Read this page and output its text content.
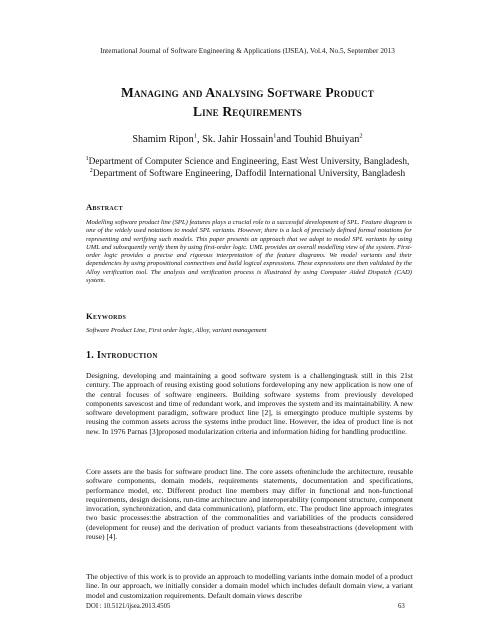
International Journal of Software Engineering & Applications (IJSEA), Vol.4, No.5, September 2013
Managing and Analysing Software Product
Line Requirements
Shamim Ripon$^1$, Sk. Jahir Hossain$^1$and Touhid Bhuiyan$^2$
$^1$Department of Computer Science and Engineering, East West University, Bangladesh,
$^2$Department of Software Engineering, Daffodil International University, Bangladesh
Abstract
Modelling software product line (SPL) features plays a crucial role to a successful development of SPL. Feature diagram is one of the widely used notations to model SPL variants. However, there is a lack of precisely defined formal notations for representing and verifying such models. This paper presents an approach that we adopt to model SPL variants by using UML and subsequently verify them by using first-order logic. UML provides an overall modelling view of the system. First-order logic provides a precise and rigorous interpretation of the feature diagrams. We model variants and their dependencies by using propositional connectives and build logical expressions. These expressions are then validated by the Alloy verification tool. The analysis and verification process is illustrated by using Computer Aided Dispatch (CAD) system.
Keywords
Software Product Line, First order logic, Alloy, variant management
1. Introduction
Designing, developing and maintaining a good software system is a challengingtask still in this 21st century. The approach of reusing existing good solutions fordeveloping any new application is now one of the central focuses of software engineers. Building software systems from previously developed components savescost and time of redundant work, and improves the system and its maintainability. A new software development paradigm, software product line [2], is emergingto produce multiple systems by reusing the common assets across the systems inthe product line. However, the idea of product line is not new. In 1976 Parnas [3]proposed modularization criteria and information hiding for handling productline.
Core assets are the basis for software product line. The core assets ofteninclude the architecture, reusable software components, domain models, requirements statements, documentation and specifications, performance model, etc. Different product line members may differ in functional and non-functional requirements, design decisions, run-time architecture and interoperability (component structure, component invocation, synchronization, and data communication), platform, etc. The product line approach integrates two basic processes:the abstraction of the commonalities and variabilities of the products considered (development for reuse) and the derivation of product variants from theseabstractions (development with reuse) [4].
The objective of this work is to provide an approach to modelling variants inthe domain model of a product line. In our approach, we initially consider a domain model which includes default domain view, a variant model and customization requirements. Default domain views describe
DOI : 10.5121/ijsea.2013.4505	63
